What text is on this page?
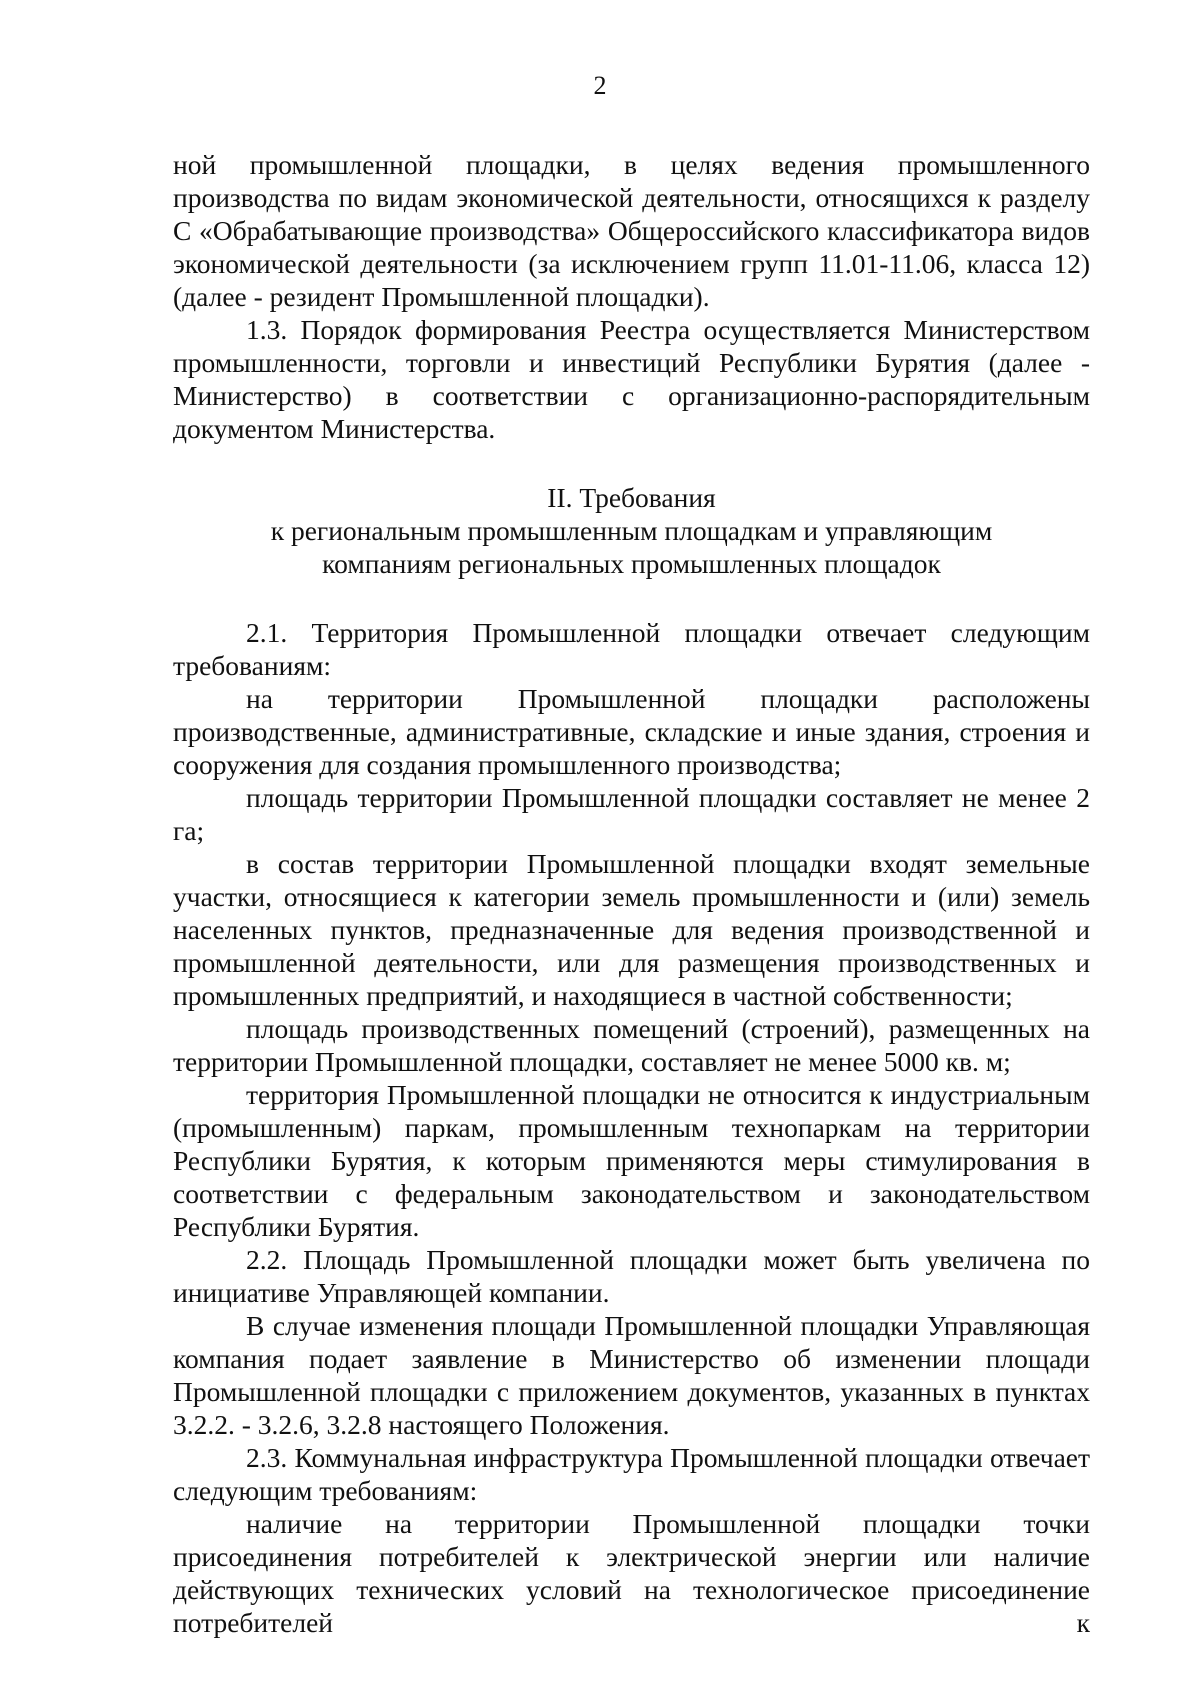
2

ной промышленной площадки, в целях ведения промышленного производства по видам экономической деятельности, относящихся к разделу С «Обрабатывающие производства» Общероссийского классификатора видов экономической деятельности (за исключением групп 11.01-11.06, класса 12) (далее - резидент Промышленной площадки).

1.3. Порядок формирования Реестра осуществляется Министерством промышленности, торговли и инвестиций Республики Бурятия (далее - Министерство) в соответствии с организационно-распорядительным документом Министерства.

II. Требования
к региональным промышленным площадкам и управляющим
компаниям региональных промышленных площадок

2.1. Территория Промышленной площадки отвечает следующим требованиям:

на территории Промышленной площадки расположены производственные, административные, складские и иные здания, строения и сооружения для создания промышленного производства;

площадь территории Промышленной площадки составляет не менее 2 га;

в состав территории Промышленной площадки входят земельные участки, относящиеся к категории земель промышленности и (или) земель населенных пунктов, предназначенные для ведения производственной и промышленной деятельности, или для размещения производственных и промышленных предприятий, и находящиеся в частной собственности;

площадь производственных помещений (строений), размещенных на территории Промышленной площадки, составляет не менее 5000 кв. м;

территория Промышленной площадки не относится к индустриальным (промышленным) паркам, промышленным технопаркам на территории Республики Бурятия, к которым применяются меры стимулирования в соответствии с федеральным законодательством и законодательством Республики Бурятия.

2.2. Площадь Промышленной площадки может быть увеличена по инициативе Управляющей компании.

В случае изменения площади Промышленной площадки Управляющая компания подает заявление в Министерство об изменении площади Промышленной площадки с приложением документов, указанных в пунктах 3.2.2. - 3.2.6, 3.2.8 настоящего Положения.

2.3. Коммунальная инфраструктура Промышленной площадки отвечает следующим требованиям:

наличие на территории Промышленной площадки точки присоединения потребителей к электрической энергии или наличие действующих технических условий на технологическое присоединение потребителей к
